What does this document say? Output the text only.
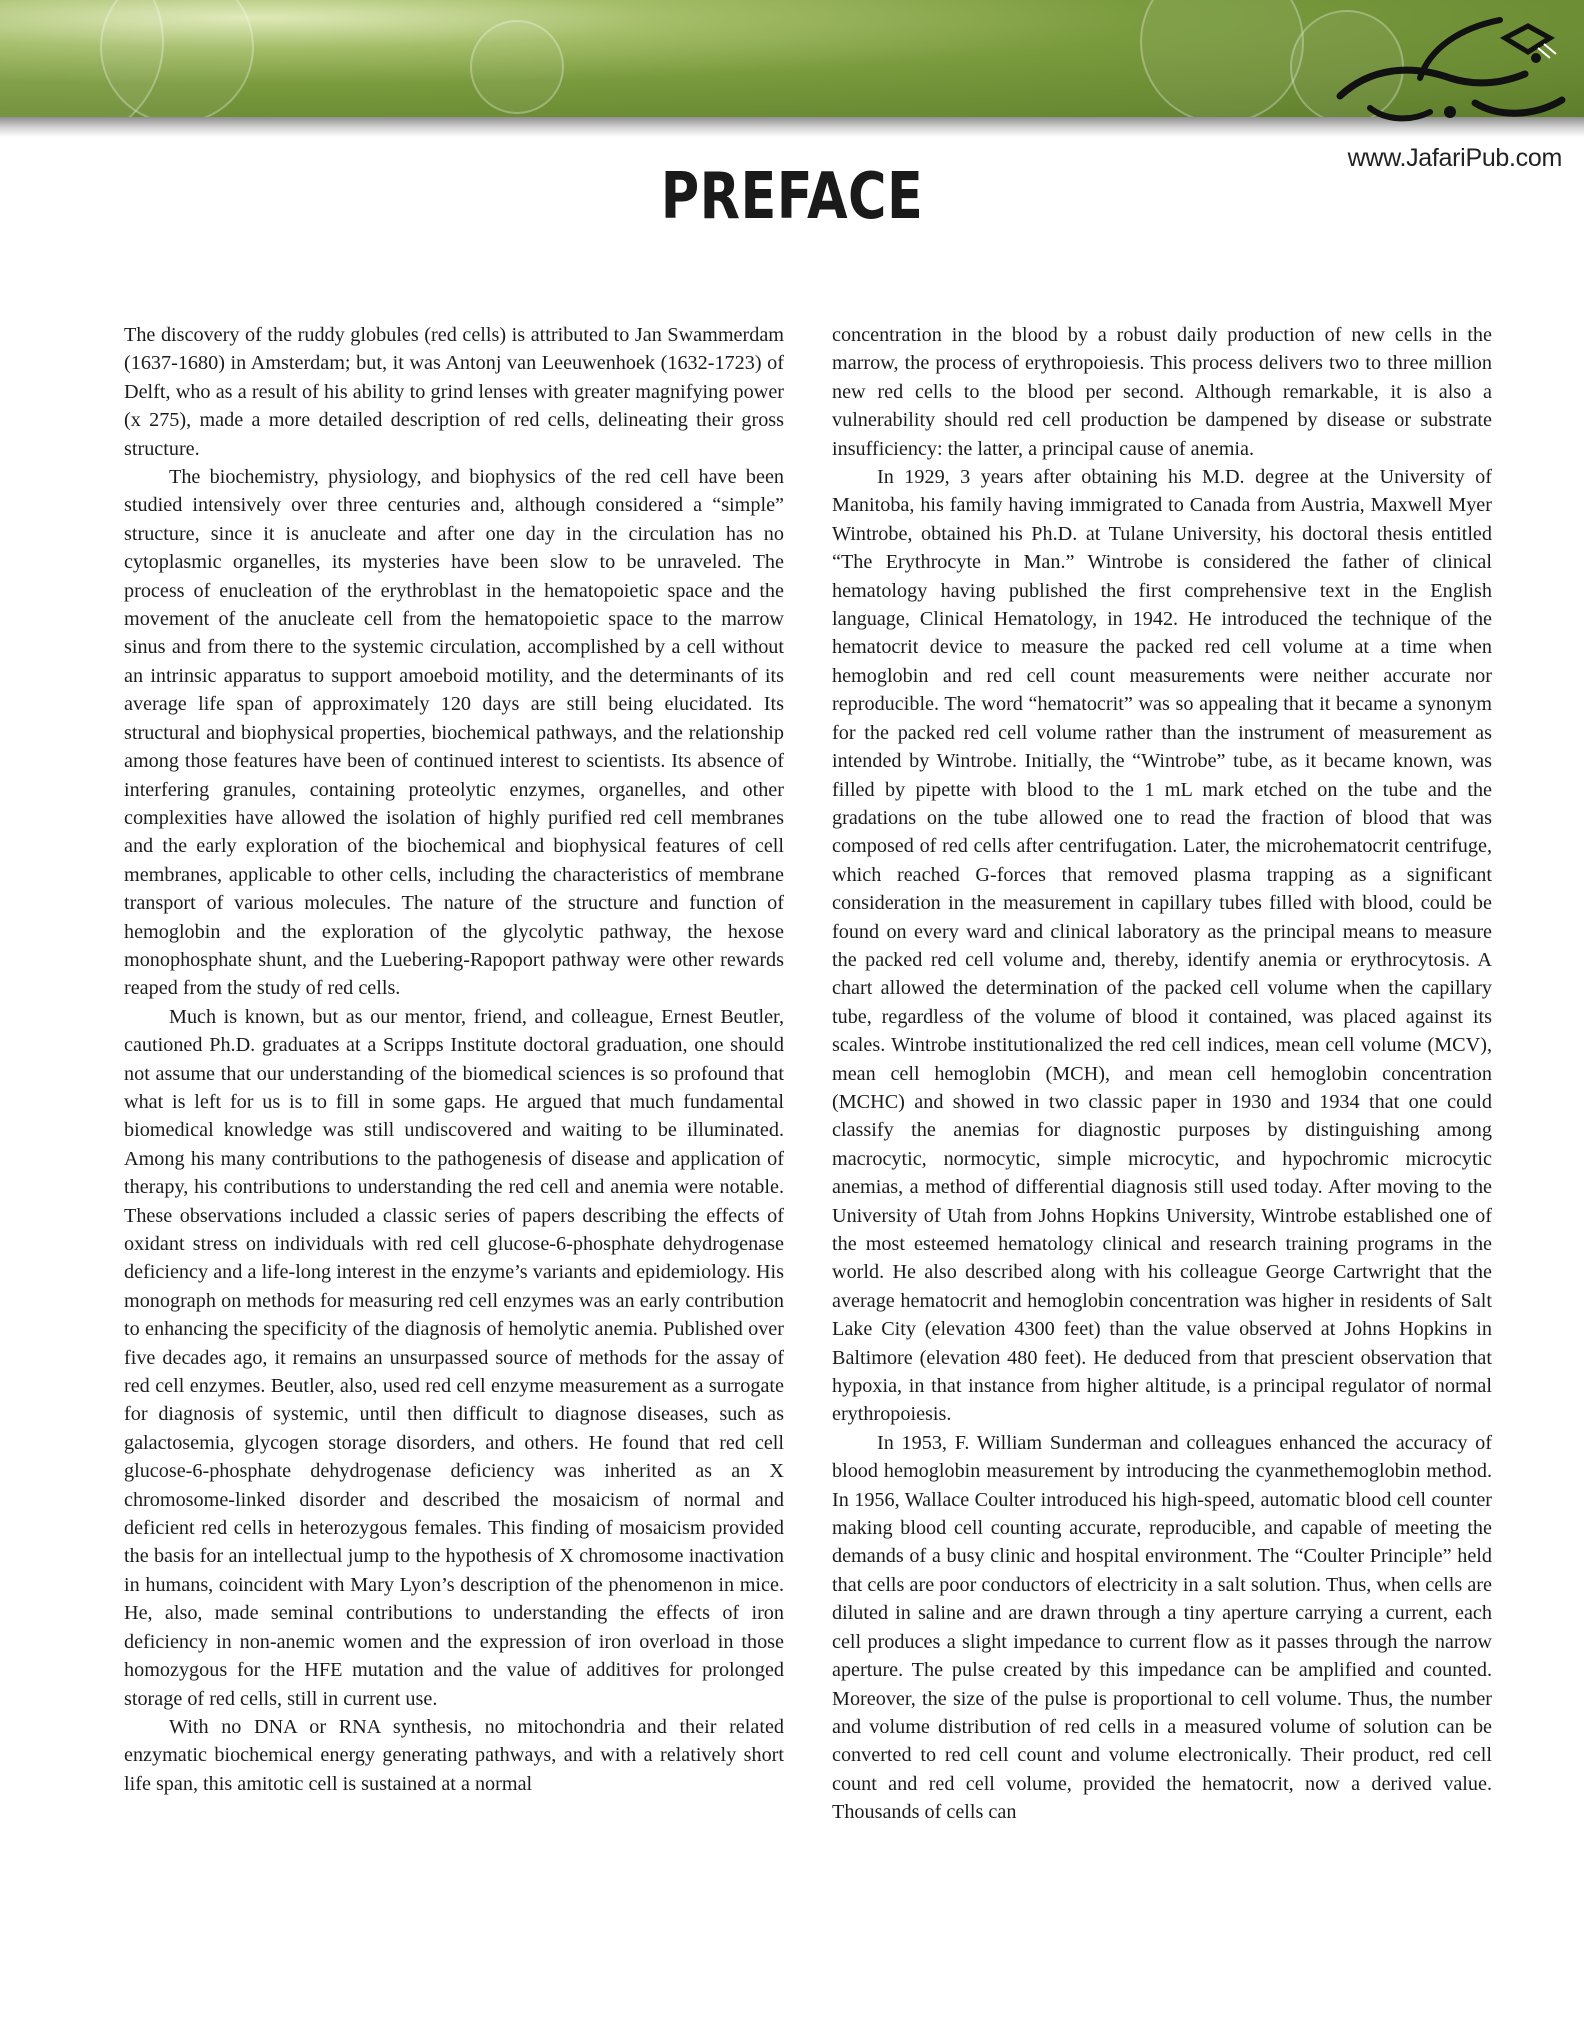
www.JafariPub.com
PREFACE

The discovery of the ruddy globules (red cells) is attributed to Jan Swammerdam (1637-1680) in Amsterdam; but, it was Antonj van Leeuwenhoek (1632-1723) of Delft, who as a result of his ability to grind lenses with greater magnifying power (x 275), made a more detailed description of red cells, delineating their gross structure.

The biochemistry, physiology, and biophysics of the red cell have been studied intensively over three centuries and, although considered a “simple” structure, since it is anucleate and after one day in the circulation has no cytoplasmic organelles, its mysteries have been slow to be unraveled. The process of enucleation of the erythroblast in the hematopoietic space and the movement of the anucleate cell from the hematopoietic space to the marrow sinus and from there to the systemic circulation, accomplished by a cell without an intrinsic apparatus to support amoeboid motility, and the determinants of its average life span of approximately 120 days are still being elucidated. Its structural and biophysical properties, biochemical pathways, and the relationship among those features have been of continued interest to scientists. Its absence of interfering granules, containing proteolytic enzymes, organelles, and other complexities have allowed the isolation of highly purified red cell membranes and the early exploration of the biochemical and biophysical features of cell membranes, applicable to other cells, including the characteristics of membrane transport of various molecules. The nature of the structure and function of hemoglobin and the exploration of the glycolytic pathway, the hexose monophosphate shunt, and the Luebering-Rapoport pathway were other rewards reaped from the study of red cells.

Much is known, but as our mentor, friend, and colleague, Ernest Beutler, cautioned Ph.D. graduates at a Scripps Institute doctoral graduation, one should not assume that our understanding of the biomedical sciences is so profound that what is left for us is to fill in some gaps. He argued that much fundamental biomedical knowledge was still undiscovered and waiting to be illuminated. Among his many contributions to the pathogenesis of disease and application of therapy, his contributions to understanding the red cell and anemia were notable. These observations included a classic series of papers describing the effects of oxidant stress on individuals with red cell glucose-6-phosphate dehydrogenase deficiency and a life-long interest in the enzyme’s variants and epidemiology. His monograph on methods for measuring red cell enzymes was an early contribution to enhancing the specificity of the diagnosis of hemolytic anemia. Published over five decades ago, it remains an unsurpassed source of methods for the assay of red cell enzymes. Beutler, also, used red cell enzyme measurement as a surrogate for diagnosis of systemic, until then difficult to diagnose diseases, such as galactosemia, glycogen storage disorders, and others. He found that red cell glucose-6-phosphate dehydrogenase deficiency was inherited as an X chromosome-linked disorder and described the mosaicism of normal and deficient red cells in heterozygous females. This finding of mosaicism provided the basis for an intellectual jump to the hypothesis of X chromosome inactivation in humans, coincident with Mary Lyon’s description of the phenomenon in mice. He, also, made seminal contributions to understanding the effects of iron deficiency in non-anemic women and the expression of iron overload in those homozygous for the HFE mutation and the value of additives for prolonged storage of red cells, still in current use.

With no DNA or RNA synthesis, no mitochondria and their related enzymatic biochemical energy generating pathways, and with a relatively short life span, this amitotic cell is sustained at a normal

concentration in the blood by a robust daily production of new cells in the marrow, the process of erythropoiesis. This process delivers two to three million new red cells to the blood per second. Although remarkable, it is also a vulnerability should red cell production be dampened by disease or substrate insufficiency: the latter, a principal cause of anemia.

In 1929, 3 years after obtaining his M.D. degree at the University of Manitoba, his family having immigrated to Canada from Austria, Maxwell Myer Wintrobe, obtained his Ph.D. at Tulane University, his doctoral thesis entitled “The Erythrocyte in Man.” Wintrobe is considered the father of clinical hematology having published the first comprehensive text in the English language, Clinical Hematology, in 1942. He introduced the technique of the hematocrit device to measure the packed red cell volume at a time when hemoglobin and red cell count measurements were neither accurate nor reproducible. The word “hematocrit” was so appealing that it became a synonym for the packed red cell volume rather than the instrument of measurement as intended by Wintrobe. Initially, the “Wintrobe” tube, as it became known, was filled by pipette with blood to the 1 mL mark etched on the tube and the gradations on the tube allowed one to read the fraction of blood that was composed of red cells after centrifugation. Later, the microhematocrit centrifuge, which reached G-forces that removed plasma trapping as a significant consideration in the measurement in capillary tubes filled with blood, could be found on every ward and clinical laboratory as the principal means to measure the packed red cell volume and, thereby, identify anemia or erythrocytosis. A chart allowed the determination of the packed cell volume when the capillary tube, regardless of the volume of blood it contained, was placed against its scales. Wintrobe institutionalized the red cell indices, mean cell volume (MCV), mean cell hemoglobin (MCH), and mean cell hemoglobin concentration (MCHC) and showed in two classic paper in 1930 and 1934 that one could classify the anemias for diagnostic purposes by distinguishing among macrocytic, normocytic, simple microcytic, and hypochromic microcytic anemias, a method of differential diagnosis still used today. After moving to the University of Utah from Johns Hopkins University, Wintrobe established one of the most esteemed hematology clinical and research training programs in the world. He also described along with his colleague George Cartwright that the average hematocrit and hemoglobin concentration was higher in residents of Salt Lake City (elevation 4300 feet) than the value observed at Johns Hopkins in Baltimore (elevation 480 feet). He deduced from that prescient observation that hypoxia, in that instance from higher altitude, is a principal regulator of normal erythropoiesis.

In 1953, F. William Sunderman and colleagues enhanced the accuracy of blood hemoglobin measurement by introducing the cyanmethemoglobin method. In 1956, Wallace Coulter introduced his high-speed, automatic blood cell counter making blood cell counting accurate, reproducible, and capable of meeting the demands of a busy clinic and hospital environment. The “Coulter Principle” held that cells are poor conductors of electricity in a salt solution. Thus, when cells are diluted in saline and are drawn through a tiny aperture carrying a current, each cell produces a slight impedance to current flow as it passes through the narrow aperture. The pulse created by this impedance can be amplified and counted. Moreover, the size of the pulse is proportional to cell volume. Thus, the number and volume distribution of red cells in a measured volume of solution can be converted to red cell count and volume electronically. Their product, red cell count and red cell volume, provided the hematocrit, now a derived value. Thousands of cells can
